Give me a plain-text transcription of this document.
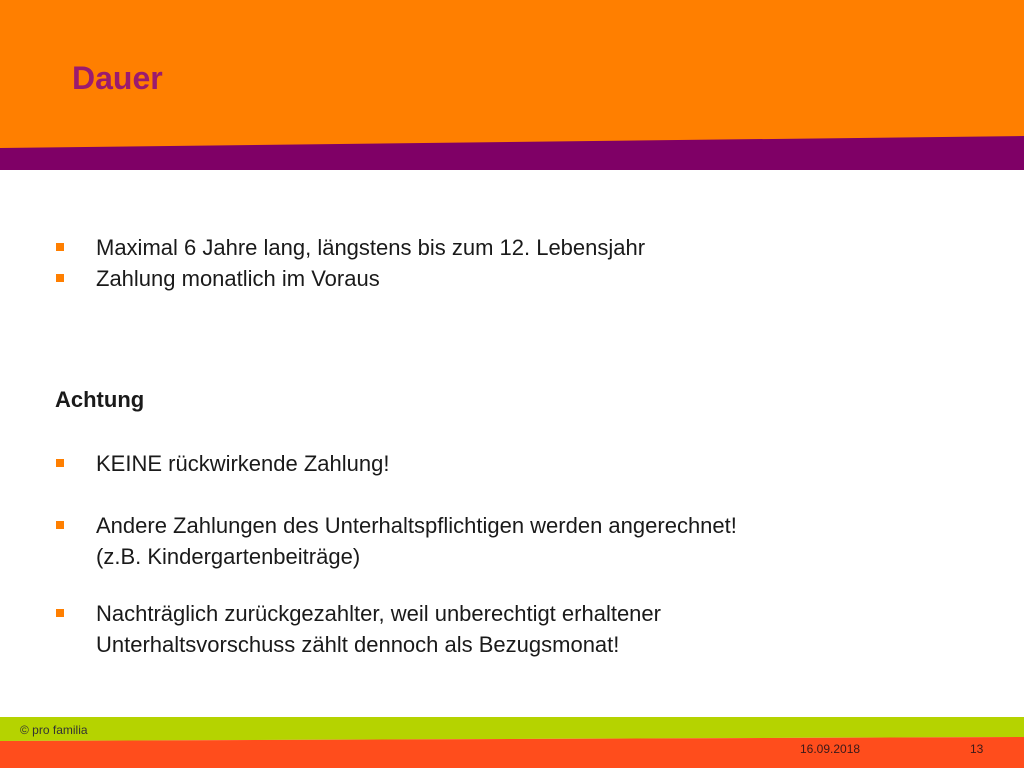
Dauer
Maximal 6 Jahre lang, längstens bis zum 12. Lebensjahr
Zahlung monatlich im Voraus
Achtung
KEINE rückwirkende Zahlung!
Andere Zahlungen des Unterhaltspflichtigen werden angerechnet!
(z.B. Kindergartenbeiträge)
Nachträglich zurückgezahlter, weil unberechtigt erhaltener
Unterhaltsvorschuss zählt dennoch als Bezugsmonat!
© pro familia
16.09.2018	13
